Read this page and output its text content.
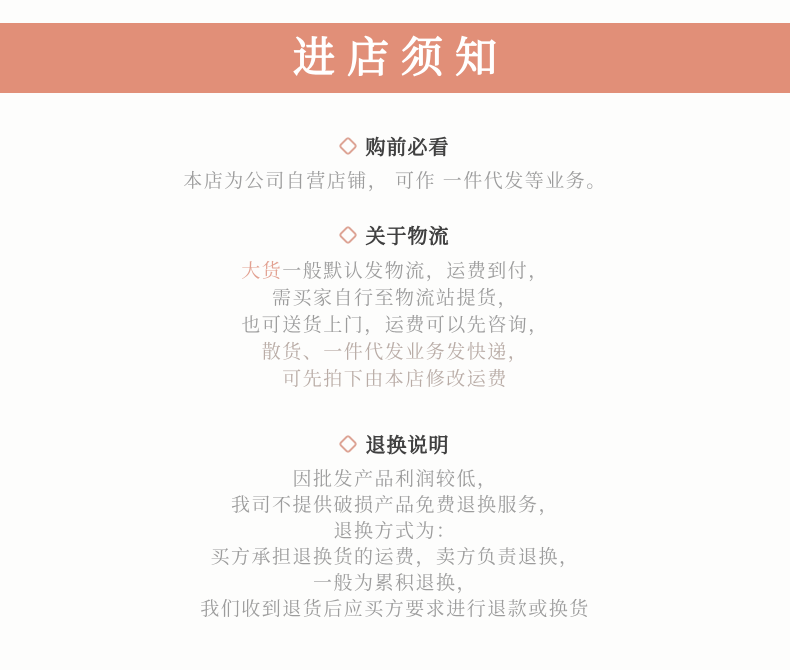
进店须知
购前必看
本店为公司自营店铺， 可作 一件代发等业务。
关于物流
大货一般默认发物流，运费到付，
需买家自行至物流站提货，
也可送货上门，运费可以先咨询，
散货、一件代发业务发快递，
可先拍下由本店修改运费
退换说明
因批发产品利润较低，
我司不提供破损产品免费退换服务，
退换方式为：
买方承担退换货的运费，卖方负责退换，
一般为累积退换，
我们收到退货后应买方要求进行退款或换货
